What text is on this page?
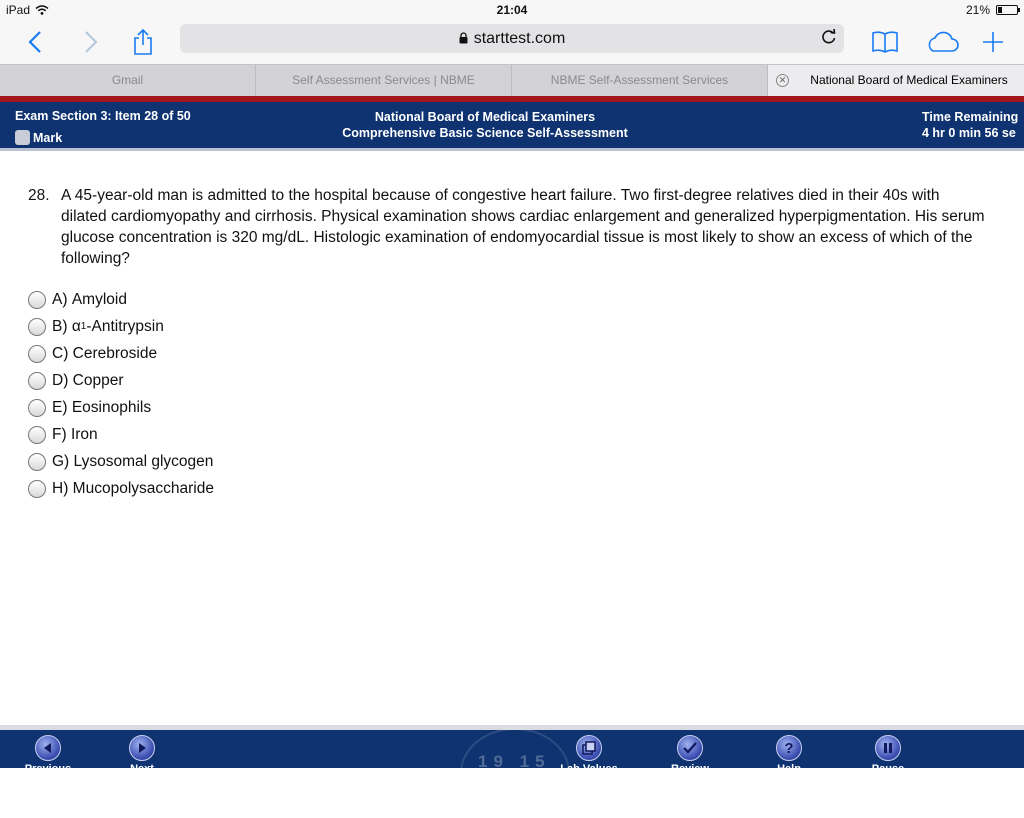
iPad	21:04	21%
starttest.com
Gmail	Self Assessment Services | NBME	NBME Self-Assessment Services	✕ National Board of Medical Examiners
Exam Section 3: Item 28 of 50
Mark
National Board of Medical Examiners
Comprehensive Basic Science Self-Assessment
Time Remaining
4 hr 0 min 56 se
28. A 45-year-old man is admitted to the hospital because of congestive heart failure. Two first-degree relatives died in their 40s with dilated cardiomyopathy and cirrhosis. Physical examination shows cardiac enlargement and generalized hyperpigmentation. His serum glucose concentration is 320 mg/dL. Histologic examination of endomyocardial tissue is most likely to show an excess of which of the following?
A)
Amyloid
B)
α 1 -Antitrypsin
C)
Cerebroside
D)
Copper
E)
Eosinophils
F)
Iron
G)
Lysosomal glycogen
H)
Mucopolysaccharide
19 15
Previous	Next	Lab Values	Review
?
Help	Pause
